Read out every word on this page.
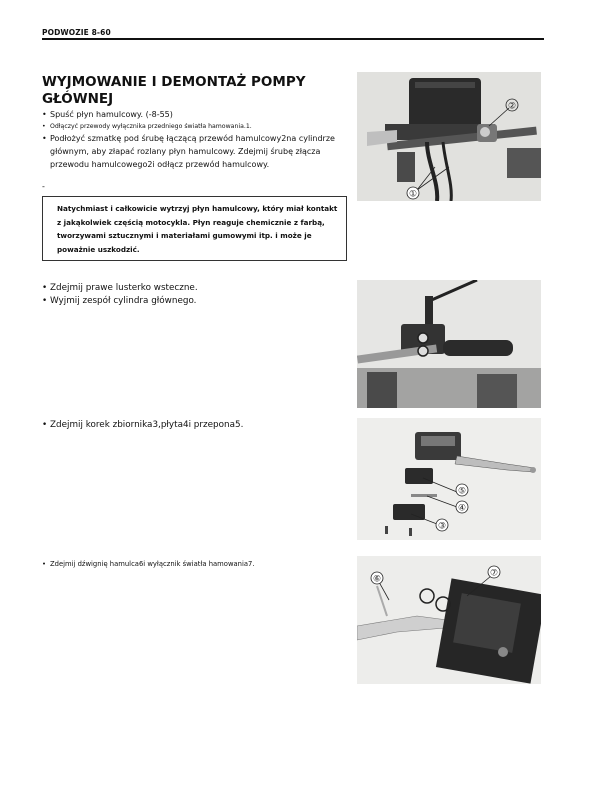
PODWOZIE 8-60
WYJMOWANIE I DEMONTAŻ POMPY GŁÓWNEJ
• Spuść płyn hamulcowy. (-8-55)
• Odłączyć przewody wyłącznika przedniego światła hamowania.1.
• Podłożyć szmatkę pod śrubę łączącą przewód hamulcowy2na cylindrze głównym, aby złapać rozlany płyn hamulcowy. Zdejmij śrubę złącza przewodu hamulcowego2i odłącz przewód hamulcowy.
-
Natychmiast i całkowicie wytrzyj płyn hamulcowy, który miał kontakt z jakąkolwiek częścią motocykla. Płyn reaguje chemicznie z farbą, tworzywami sztucznymi i materiałami gumowymi itp. i może je poważnie uszkodzić.
• Zdejmij prawe lusterko wsteczne.
• Wyjmij zespół cylindra głównego.
• Zdejmij korek zbiornika3,płyta4i przepona5.
• Zdejmij dźwignię hamulca6i wyłącznik światła hamowania7.
②
①
⑤
④
③
⑥
⑦
